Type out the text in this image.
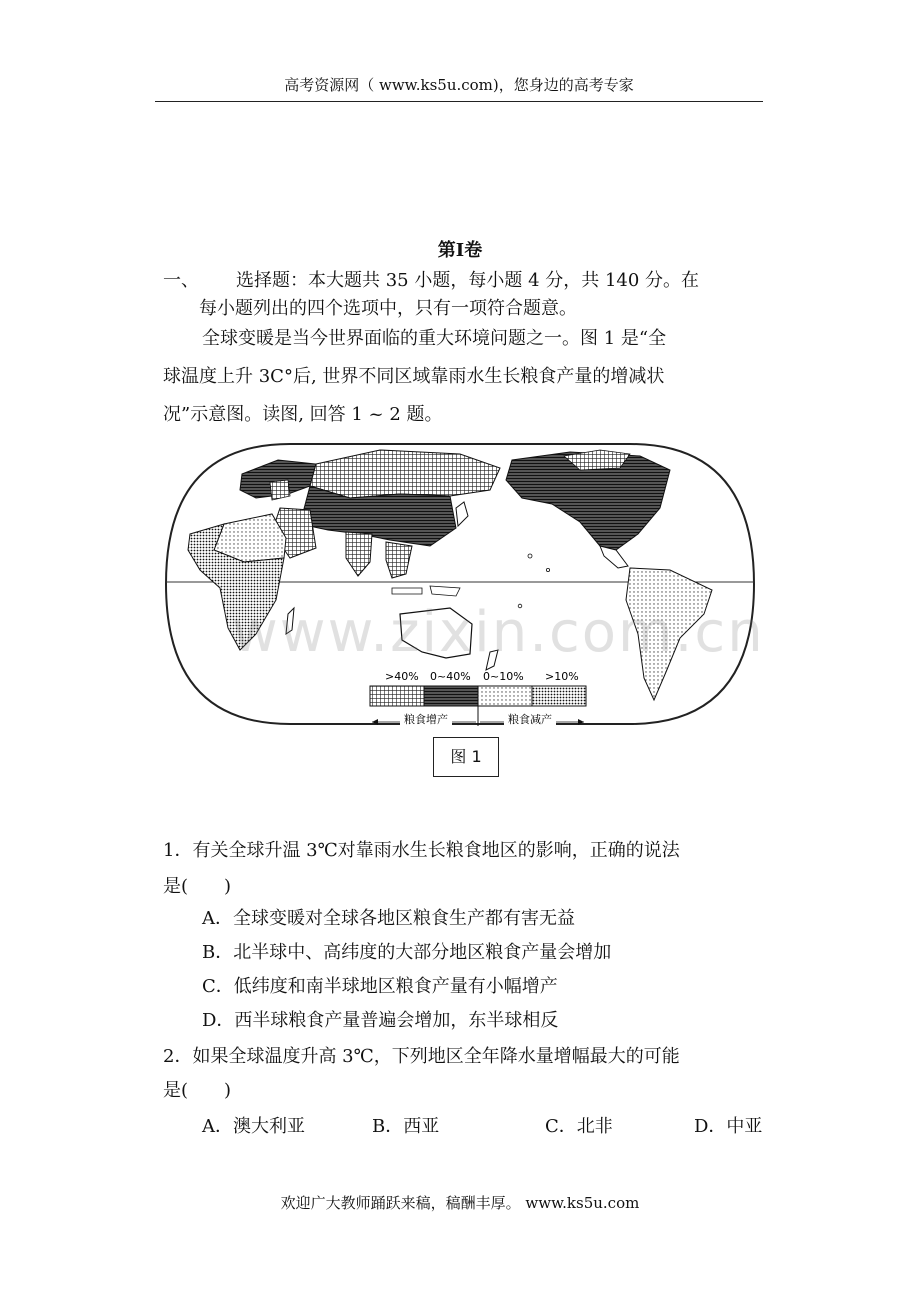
高考资源网（ www.ks5u.com)，您身边的高考专家
第Ⅰ卷
一、 选择题：本大题共 35 小题，每小题 4 分，共 140 分。在
每小题列出的四个选项中，只有一项符合题意。
全球变暖是当今世界面临的重大环境问题之一。图 1 是“全
球温度上升 3C°后, 世界不同区域靠雨水生长粮食产量的增减状
况”示意图。读图, 回答 1 ~ 2 题。
>40% 0~40% 0~10% >10%
粮食增产	粮食减产
www.zixin.com.cn
图 1
1．有关全球升温 3℃对靠雨水生长粮食地区的影响，正确的说法
是(　　)
A．全球变暖对全球各地区粮食生产都有害无益
B．北半球中、高纬度的大部分地区粮食产量会增加
C．低纬度和南半球地区粮食产量有小幅增产
D．西半球粮食产量普遍会增加，东半球相反
2．如果全球温度升高 3℃，下列地区全年降水量增幅最大的可能
是(　　)
A．澳大利亚	B．西亚	C．北非	D．中亚
欢迎广大教师踊跃来稿，稿酬丰厚。 www.ks5u.com
